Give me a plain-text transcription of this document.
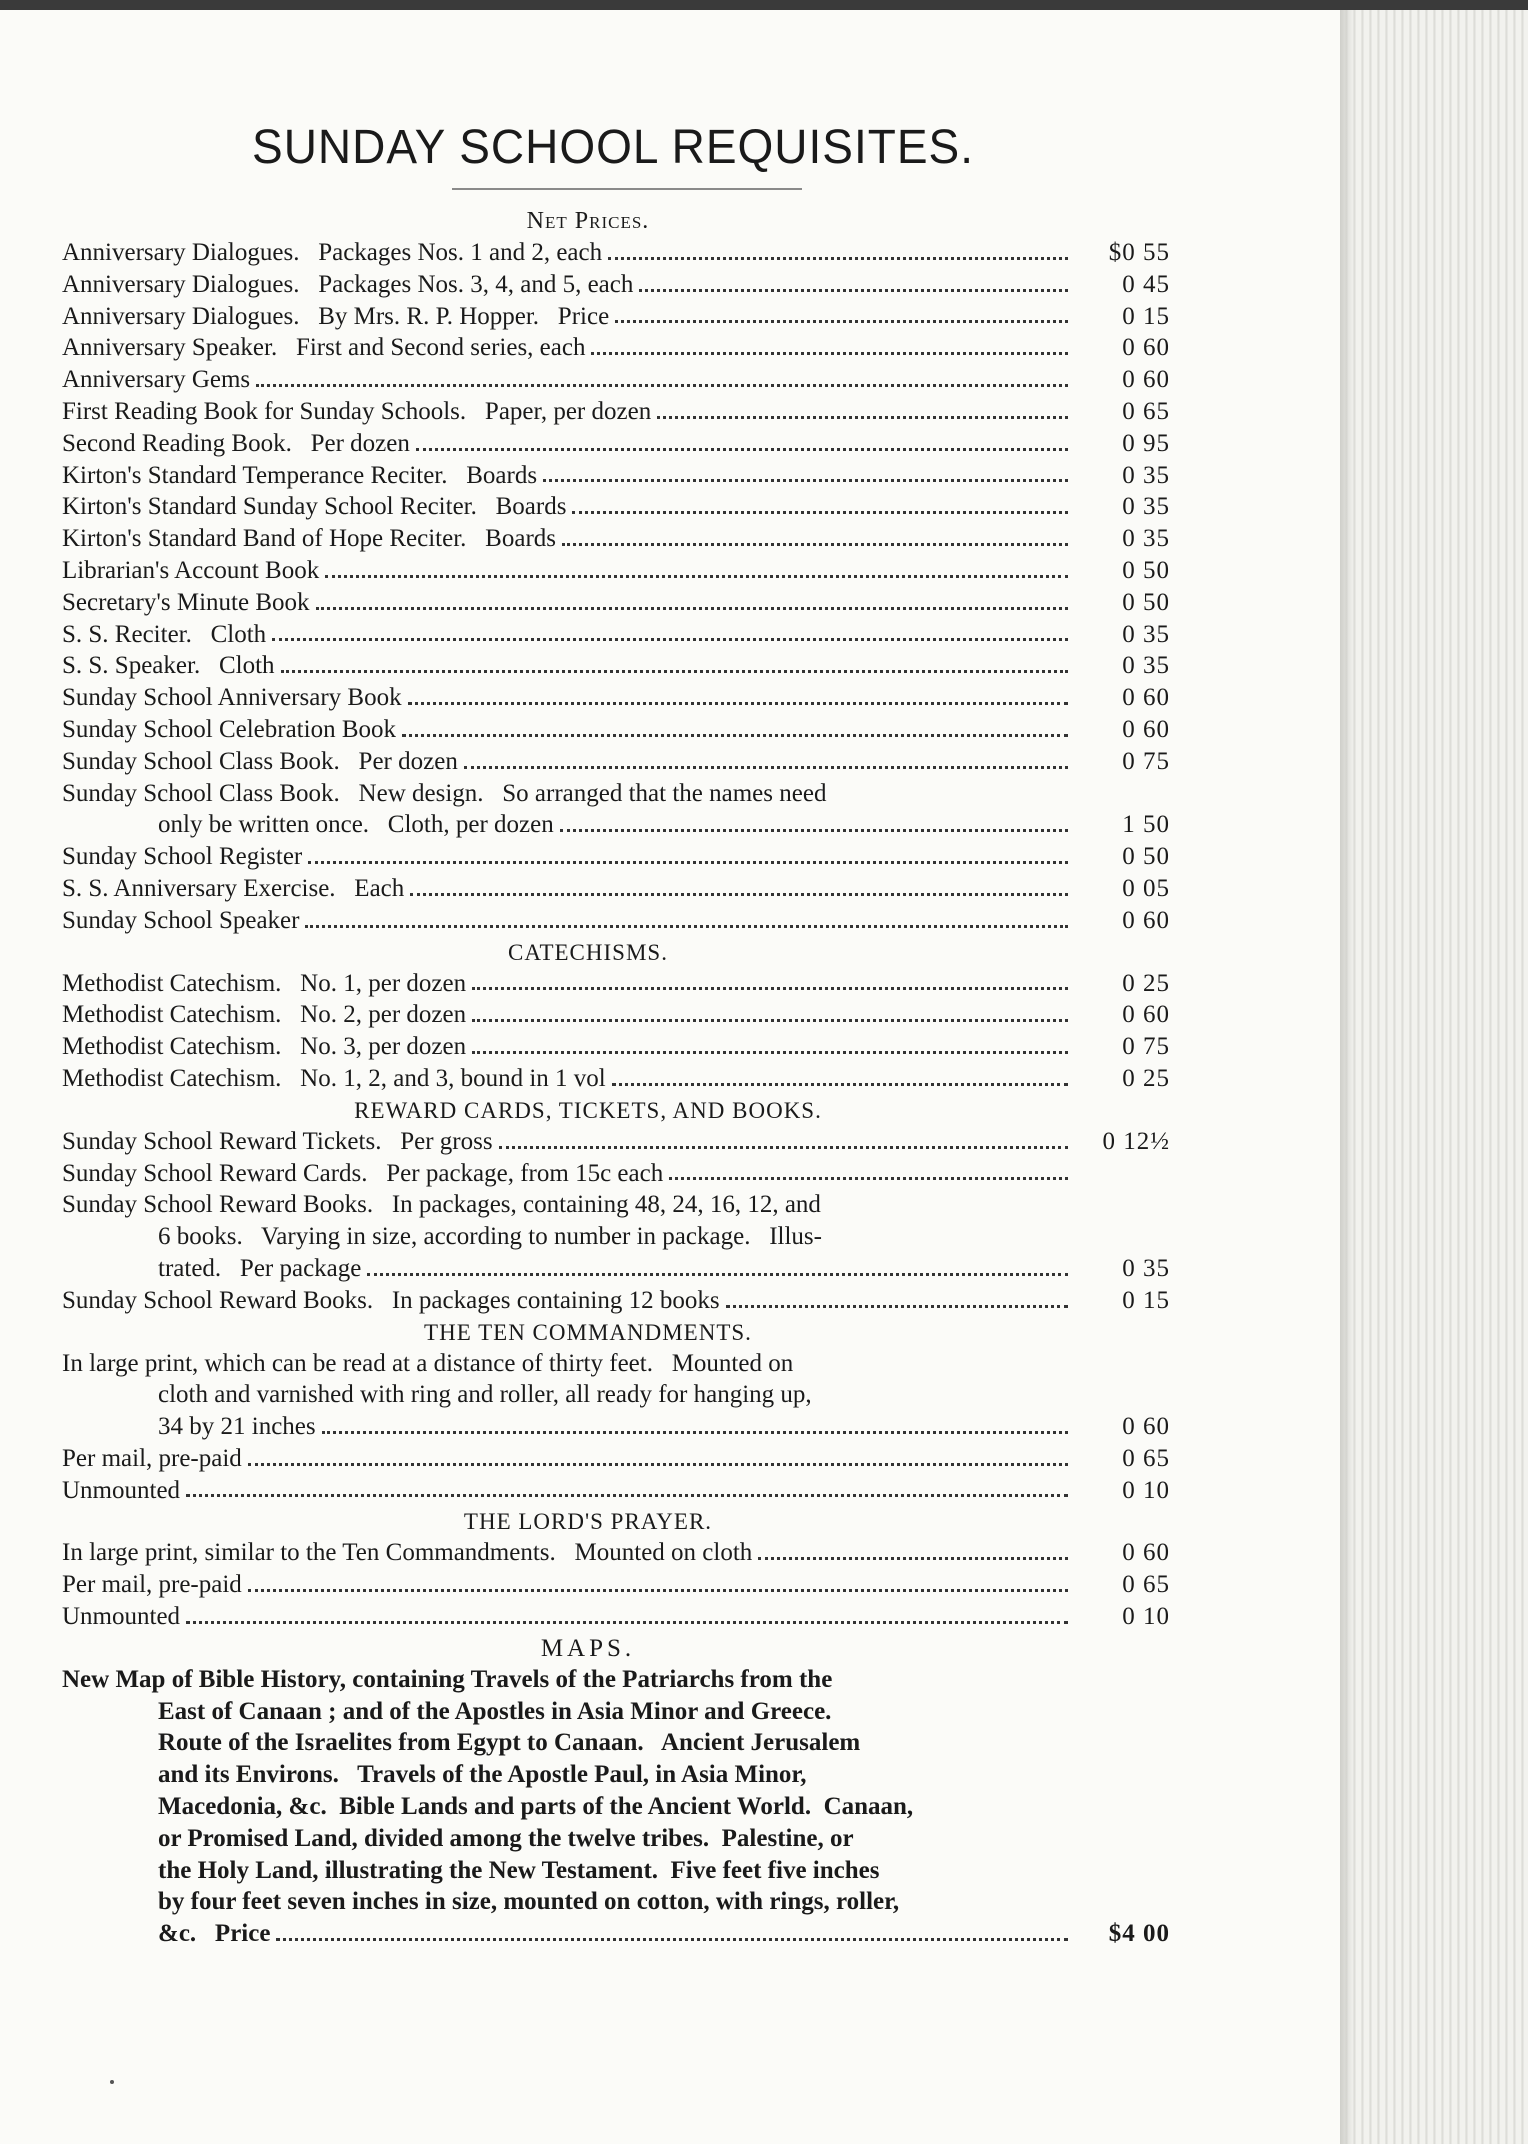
SUNDAY SCHOOL REQUISITES.
Net Prices.
Anniversary Dialogues.   Packages Nos. 1 and 2, each	$0 55
Anniversary Dialogues.   Packages Nos. 3, 4, and 5, each	0 45
Anniversary Dialogues.   By Mrs. R. P. Hopper.   Price	0 15
Anniversary Speaker.   First and Second series, each	0 60
Anniversary Gems	0 60
First Reading Book for Sunday Schools.   Paper, per dozen	0 65
Second Reading Book.   Per dozen	0 95
Kirton's Standard Temperance Reciter.   Boards	0 35
Kirton's Standard Sunday School Reciter.   Boards	0 35
Kirton's Standard Band of Hope Reciter.   Boards	0 35
Librarian's Account Book	0 50
Secretary's Minute Book	0 50
S. S. Reciter.   Cloth	0 35
S. S. Speaker.   Cloth	0 35
Sunday School Anniversary Book	0 60
Sunday School Celebration Book	0 60
Sunday School Class Book.   Per dozen	0 75
Sunday School Class Book.   New design.   So arranged that the names need
only be written once.   Cloth, per dozen	1 50
Sunday School Register	0 50
S. S. Anniversary Exercise.   Each	0 05
Sunday School Speaker	0 60
CATECHISMS.
Methodist Catechism.   No. 1, per dozen	0 25
Methodist Catechism.   No. 2, per dozen	0 60
Methodist Catechism.   No. 3, per dozen	0 75
Methodist Catechism.   No. 1, 2, and 3, bound in 1 vol	0 25
REWARD CARDS, TICKETS, AND BOOKS.
Sunday School Reward Tickets.   Per gross	0 12½
Sunday School Reward Cards.   Per package, from 15c each
Sunday School Reward Books.   In packages, containing 48, 24, 16, 12, and
6 books.   Varying in size, according to number in package.   Illus-
trated.   Per package	0 35
Sunday School Reward Books.   In packages containing 12 books	0 15
THE TEN COMMANDMENTS.
In large print, which can be read at a distance of thirty feet.   Mounted on
cloth and varnished with ring and roller, all ready for hanging up,
34 by 21 inches	0 60
Per mail, pre-paid	0 65
Unmounted	0 10
THE LORD'S PRAYER.
In large print, similar to the Ten Commandments.   Mounted on cloth	0 60
Per mail, pre-paid	0 65
Unmounted	0 10
MAPS.
New Map of Bible History, containing Travels of the Patriarchs from the
East of Canaan ; and of the Apostles in Asia Minor and Greece.
Route of the Israelites from Egypt to Canaan.   Ancient Jerusalem
and its Environs.   Travels of the Apostle Paul, in Asia Minor,
Macedonia, &c.  Bible Lands and parts of the Ancient World.  Canaan,
or Promised Land, divided among the twelve tribes.  Palestine, or
the Holy Land, illustrating the New Testament.  Five feet five inches
by four feet seven inches in size, mounted on cotton, with rings, roller,
&c.   Price	$4 00
